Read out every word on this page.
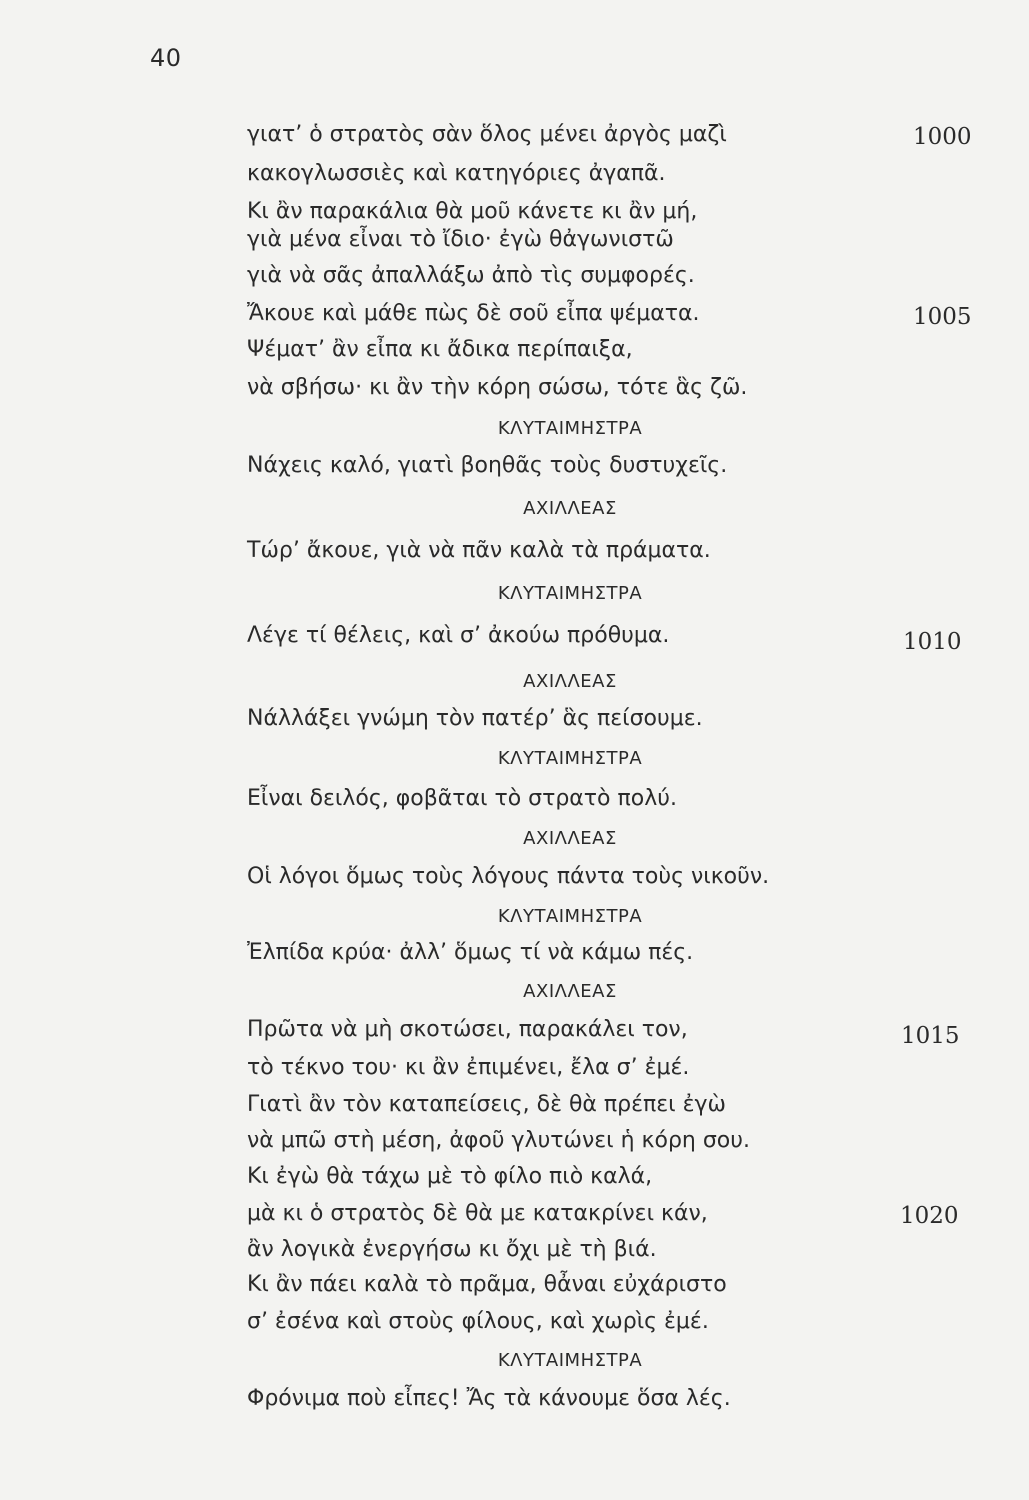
40
γιατ’ ὁ στρατὸς σὰν ὅλος μένει ἀργὸς μαζὶ
κακογλωσσιὲς καὶ κατηγόριες ἀγαπᾶ.
Κι ἂν παρακάλια θὰ μοῦ κάνετε κι ἂν μή,
γιὰ μένα εἶναι τὸ ἴδιο· ἐγὼ θἀγωνιστῶ
γιὰ νὰ σᾶς ἀπαλλάξω ἀπὸ τὶς συμφορές.
Ἄκουε καὶ μάθε πὼς δὲ σοῦ εἶπα ψέματα.
Ψέματ’ ἂν εἶπα κι ἄδικα περίπαιξα,
νὰ σβήσω· κι ἂν τὴν κόρη σώσω, τότε ἃς ζῶ.
ΚΛΥΤΑΙΜΗΣΤΡΑ
Νάχεις καλό, γιατὶ βοηθᾶς τοὺς δυστυχεῖς.
ΑΧΙΛΛΕΑΣ
Τώρ’ ἄκουε, γιὰ νὰ πᾶν καλὰ τὰ πράματα.
ΚΛΥΤΑΙΜΗΣΤΡΑ
Λέγε τί θέλεις, καὶ σ’ ἀκούω πρόθυμα.
ΑΧΙΛΛΕΑΣ
Νάλλάξει γνώμη τὸν πατέρ’ ἃς πείσουμε.
ΚΛΥΤΑΙΜΗΣΤΡΑ
Εἶναι δειλός, φοβᾶται τὸ στρατὸ πολύ.
ΑΧΙΛΛΕΑΣ
Οἱ λόγοι ὅμως τοὺς λόγους πάντα τοὺς νικοῦν.
ΚΛΥΤΑΙΜΗΣΤΡΑ
Ἐλπίδα κρύα· ἀλλ’ ὅμως τί νὰ κάμω πές.
ΑΧΙΛΛΕΑΣ
Πρῶτα νὰ μὴ σκοτώσει, παρακάλει τον,
τὸ τέκνο του· κι ἂν ἐπιμένει, ἔλα σ’ ἐμέ.
Γιατὶ ἂν τὸν καταπείσεις, δὲ θὰ πρέπει ἐγὼ
νὰ μπῶ στὴ μέση, ἀφοῦ γλυτώνει ἡ κόρη σου.
Κι ἐγὼ θὰ τάχω μὲ τὸ φίλο πιὸ καλά,
μὰ κι ὁ στρατὸς δὲ θὰ με κατακρίνει κάν,
ἂν λογικὰ ἐνεργήσω κι ὄχι μὲ τὴ βιά.
Κι ἂν πάει καλὰ τὸ πρᾶμα, θἆναι εὐχάριστο
σ’ ἐσένα καὶ στοὺς φίλους, καὶ χωρὶς ἐμέ.
ΚΛΥΤΑΙΜΗΣΤΡΑ
Φρόνιμα ποὺ εἶπες! Ἄς τὰ κάνουμε ὅσα λές.
1000
1005
1010
1015
1020
